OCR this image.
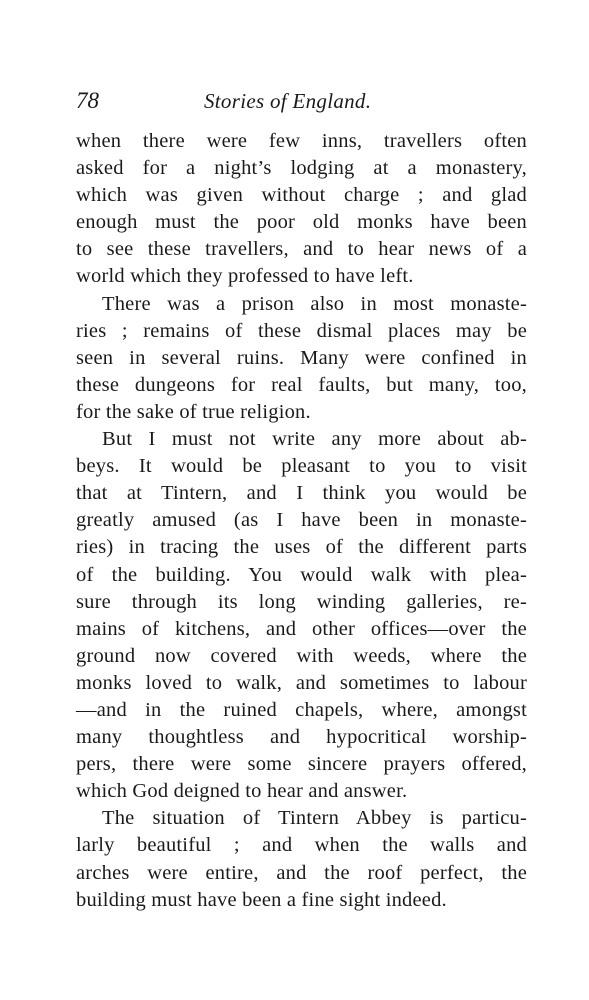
78	Stories of England.
when there were few inns, travellers often
asked for a night’s lodging at a monastery,
which was given without charge ; and glad
enough must the poor old monks have been
to see these travellers, and to hear news of a
world which they professed to have left.
There was a prison also in most monaste-
ries ; remains of these dismal places may be
seen in several ruins. Many were confined in
these dungeons for real faults, but many, too,
for the sake of true religion.
But I must not write any more about ab-
beys. It would be pleasant to you to visit
that at Tintern, and I think you would be
greatly amused (as I have been in monaste-
ries) in tracing the uses of the different parts
of the building. You would walk with plea-
sure through its long winding galleries, re-
mains of kitchens, and other offices—over the
ground now covered with weeds, where the
monks loved to walk, and sometimes to labour
—and in the ruined chapels, where, amongst
many thoughtless and hypocritical worship-
pers, there were some sincere prayers offered,
which God deigned to hear and answer.
The situation of Tintern Abbey is particu-
larly beautiful ; and when the walls and
arches were entire, and the roof perfect, the
building must have been a fine sight indeed.
